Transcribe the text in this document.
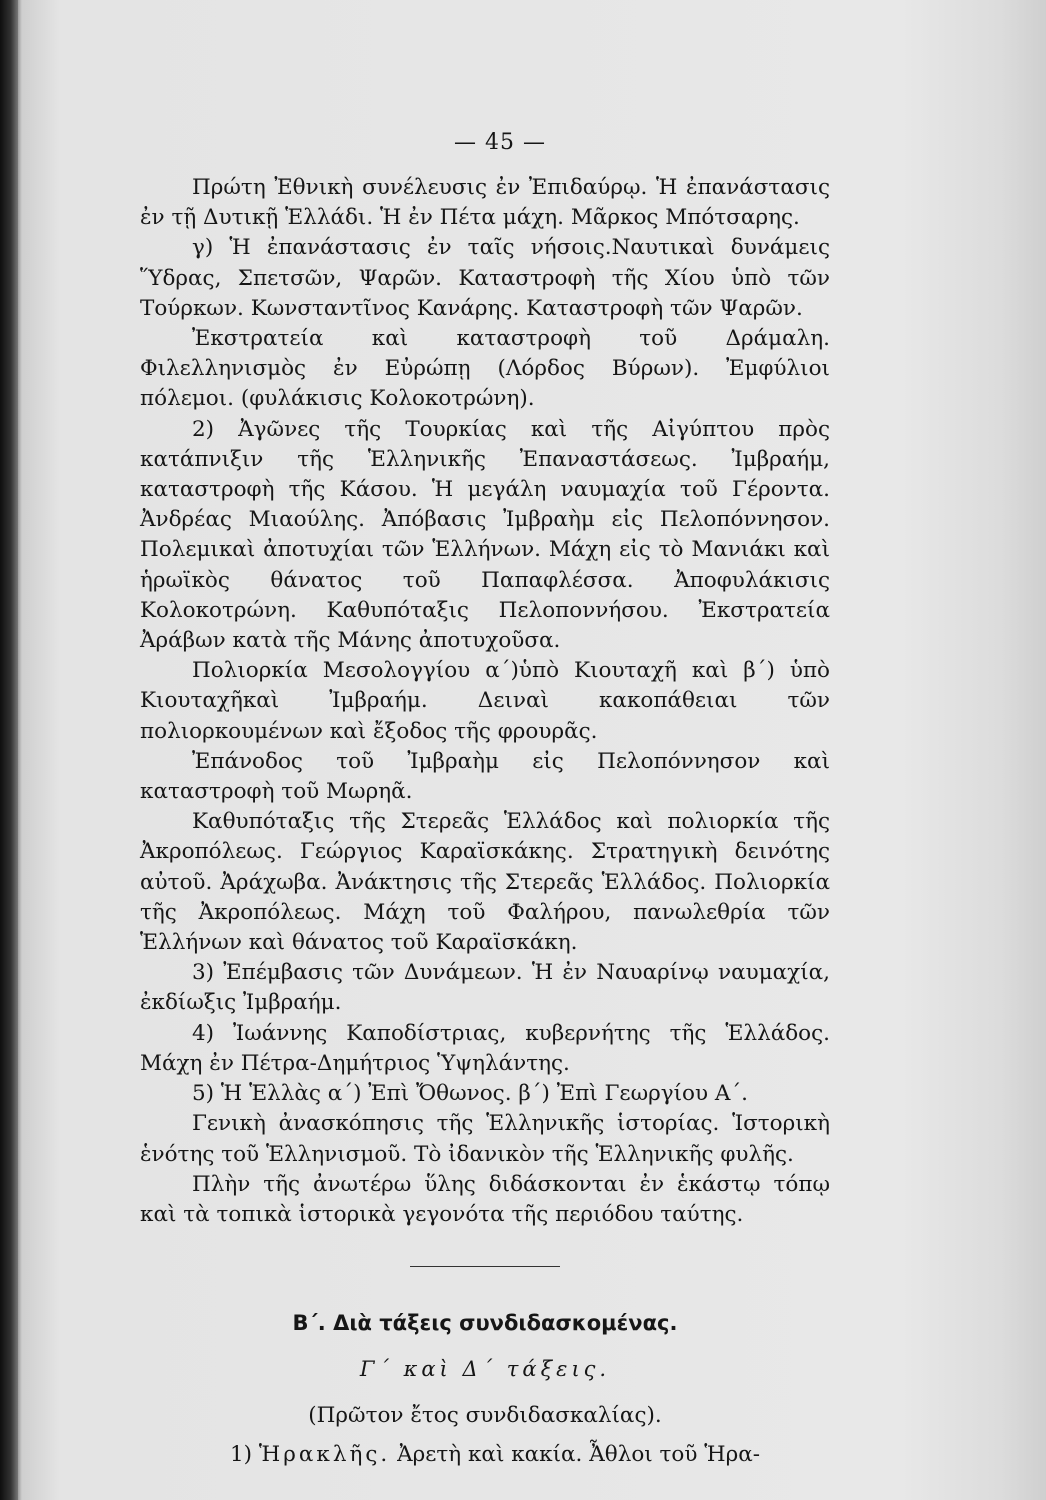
— 45 —

Πρώτη Ἐθνικὴ συνέλευσις ἐν Ἐπιδαύρῳ. Ἡ ἐπανάστασις ἐν τῇ Δυτικῇ Ἑλλάδι. Ἡ ἐν Πέτα μάχη. Μᾶρκος Μπότσαρης.

γ) Ἡ ἐπανάστασις ἐν ταῖς νήσοις.Ναυτικαὶ δυνάμεις Ὕδρας, Σπετσῶν, Ψαρῶν. Καταστροφὴ τῆς Χίου ὑπὸ τῶν Τούρκων. Κωνσταντῖνος Κανάρης. Καταστροφὴ τῶν Ψαρῶν.

Ἐκστρατεία καὶ καταστροφὴ τοῦ Δράμαλη. Φιλελληνισμὸς ἐν Εὐρώπῃ (Λόρδος Βύρων). Ἐμφύλιοι πόλεμοι. (φυλάκισις Κολοκοτρώνη).

2) Ἀγῶνες τῆς Τουρκίας καὶ τῆς Αἰγύπτου πρὸς κατάπνιξιν τῆς Ἑλληνικῆς Ἐπαναστάσεως. Ἰμβραήμ, καταστροφὴ τῆς Κάσου. Ἡ μεγάλη ναυμαχία τοῦ Γέροντα. Ἀνδρέας Μιαούλης. Ἀπόβασις Ἰμβραὴμ εἰς Πελοπόννησον. Πολεμικαὶ ἀποτυχίαι τῶν Ἑλλήνων. Μάχη εἰς τὸ Μανιάκι καὶ ἡρωϊκὸς θάνατος τοῦ Παπαφλέσσα. Ἀποφυλάκισις Κολοκοτρώνη. Καθυπόταξις Πελοποννήσου. Ἐκστρατεία Ἀράβων κατὰ τῆς Μάνης ἀποτυχοῦσα.

Πολιορκία Μεσολογγίου α΄)ὑπὸ Κιουταχῆ καὶ β΄) ὑπὸ Κιουταχῆκαὶ Ἰμβραήμ. Δειναὶ κακοπάθειαι τῶν πολιορκουμένων καὶ ἔξοδος τῆς φρουρᾶς.

Ἐπάνοδος τοῦ Ἰμβραὴμ εἰς Πελοπόννησον καὶ καταστροφὴ τοῦ Μωρηᾶ.

Καθυπόταξις τῆς Στερεᾶς Ἑλλάδος καὶ πολιορκία τῆς Ἀκροπόλεως. Γεώργιος Καραϊσκάκης. Στρατηγικὴ δεινότης αὐτοῦ. Ἀράχωβα. Ἀνάκτησις τῆς Στερεᾶς Ἑλλάδος. Πολιορκία τῆς Ἀκροπόλεως. Μάχη τοῦ Φαλήρου, πανωλεθρία τῶν Ἑλλήνων καὶ θάνατος τοῦ Καραϊσκάκη.

3) Ἐπέμβασις τῶν Δυνάμεων. Ἡ ἐν Ναυαρίνῳ ναυμαχία, ἐκδίωξις Ἰμβραήμ.

4) Ἰωάννης Καποδίστριας, κυβερνήτης τῆς Ἑλλάδος. Μάχη ἐν Πέτρα-Δημήτριος Ὑψηλάντης.

5) Ἡ Ἑλλὰς α΄) Ἐπὶ Ὄθωνος. β΄) Ἐπὶ Γεωργίου Α΄.

Γενικὴ ἀνασκόπησις τῆς Ἑλληνικῆς ἱστορίας. Ἱστορικὴ ἑνότης τοῦ Ἑλληνισμοῦ. Τὸ ἰδανικὸν τῆς Ἑλληνικῆς φυλῆς.

Πλὴν τῆς ἀνωτέρω ὕλης διδάσκονται ἐν ἑκάστῳ τόπῳ καὶ τὰ τοπικὰ ἱστορικὰ γεγονότα τῆς περιόδου ταύτης.

Β΄. Διὰ τάξεις συνδιδασκομένας.
Γ΄ καὶ Δ΄ τάξεις.
(Πρῶτον ἔτος συνδιδασκαλίας).

1) Ἡρακλῆς. Ἀρετὴ καὶ κακία. Ἆθλοι τοῦ Ἡρα-
